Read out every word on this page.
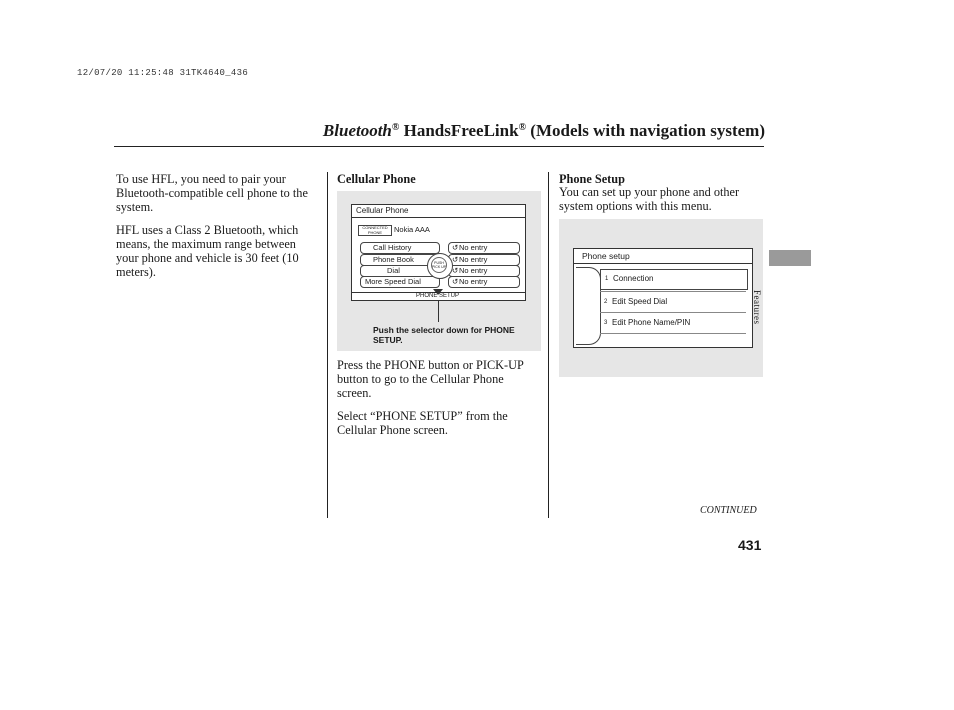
12/07/20 11:25:48 31TK4640_436
Bluetooth® HandsFreeLink® (Models with navigation system)

To use HFL, you need to pair your Bluetooth-compatible cell phone to the system.

HFL uses a Class 2 Bluetooth, which means, the maximum range between your phone and vehicle is 30 feet (10 meters).

Cellular Phone
Cellular Phone
CONNECTED PHONE	Nokia AAA
Call History
Phone Book
Dial
More Speed Dial
↺ No entry
↺ No entry
↺ No entry
↺ No entry
PUSH PICK UP
PHONE SETUP
Push the selector down for PHONE SETUP.

Press the PHONE button or PICK-UP button to go to the Cellular Phone screen.

Select “PHONE SETUP” from the Cellular Phone screen.

Phone Setup
You can set up your phone and other system options with this menu.
Phone setup
1 Connection
2 Edit Speed Dial
3 Edit Phone Name/PIN	Features
CONTINUED
431
